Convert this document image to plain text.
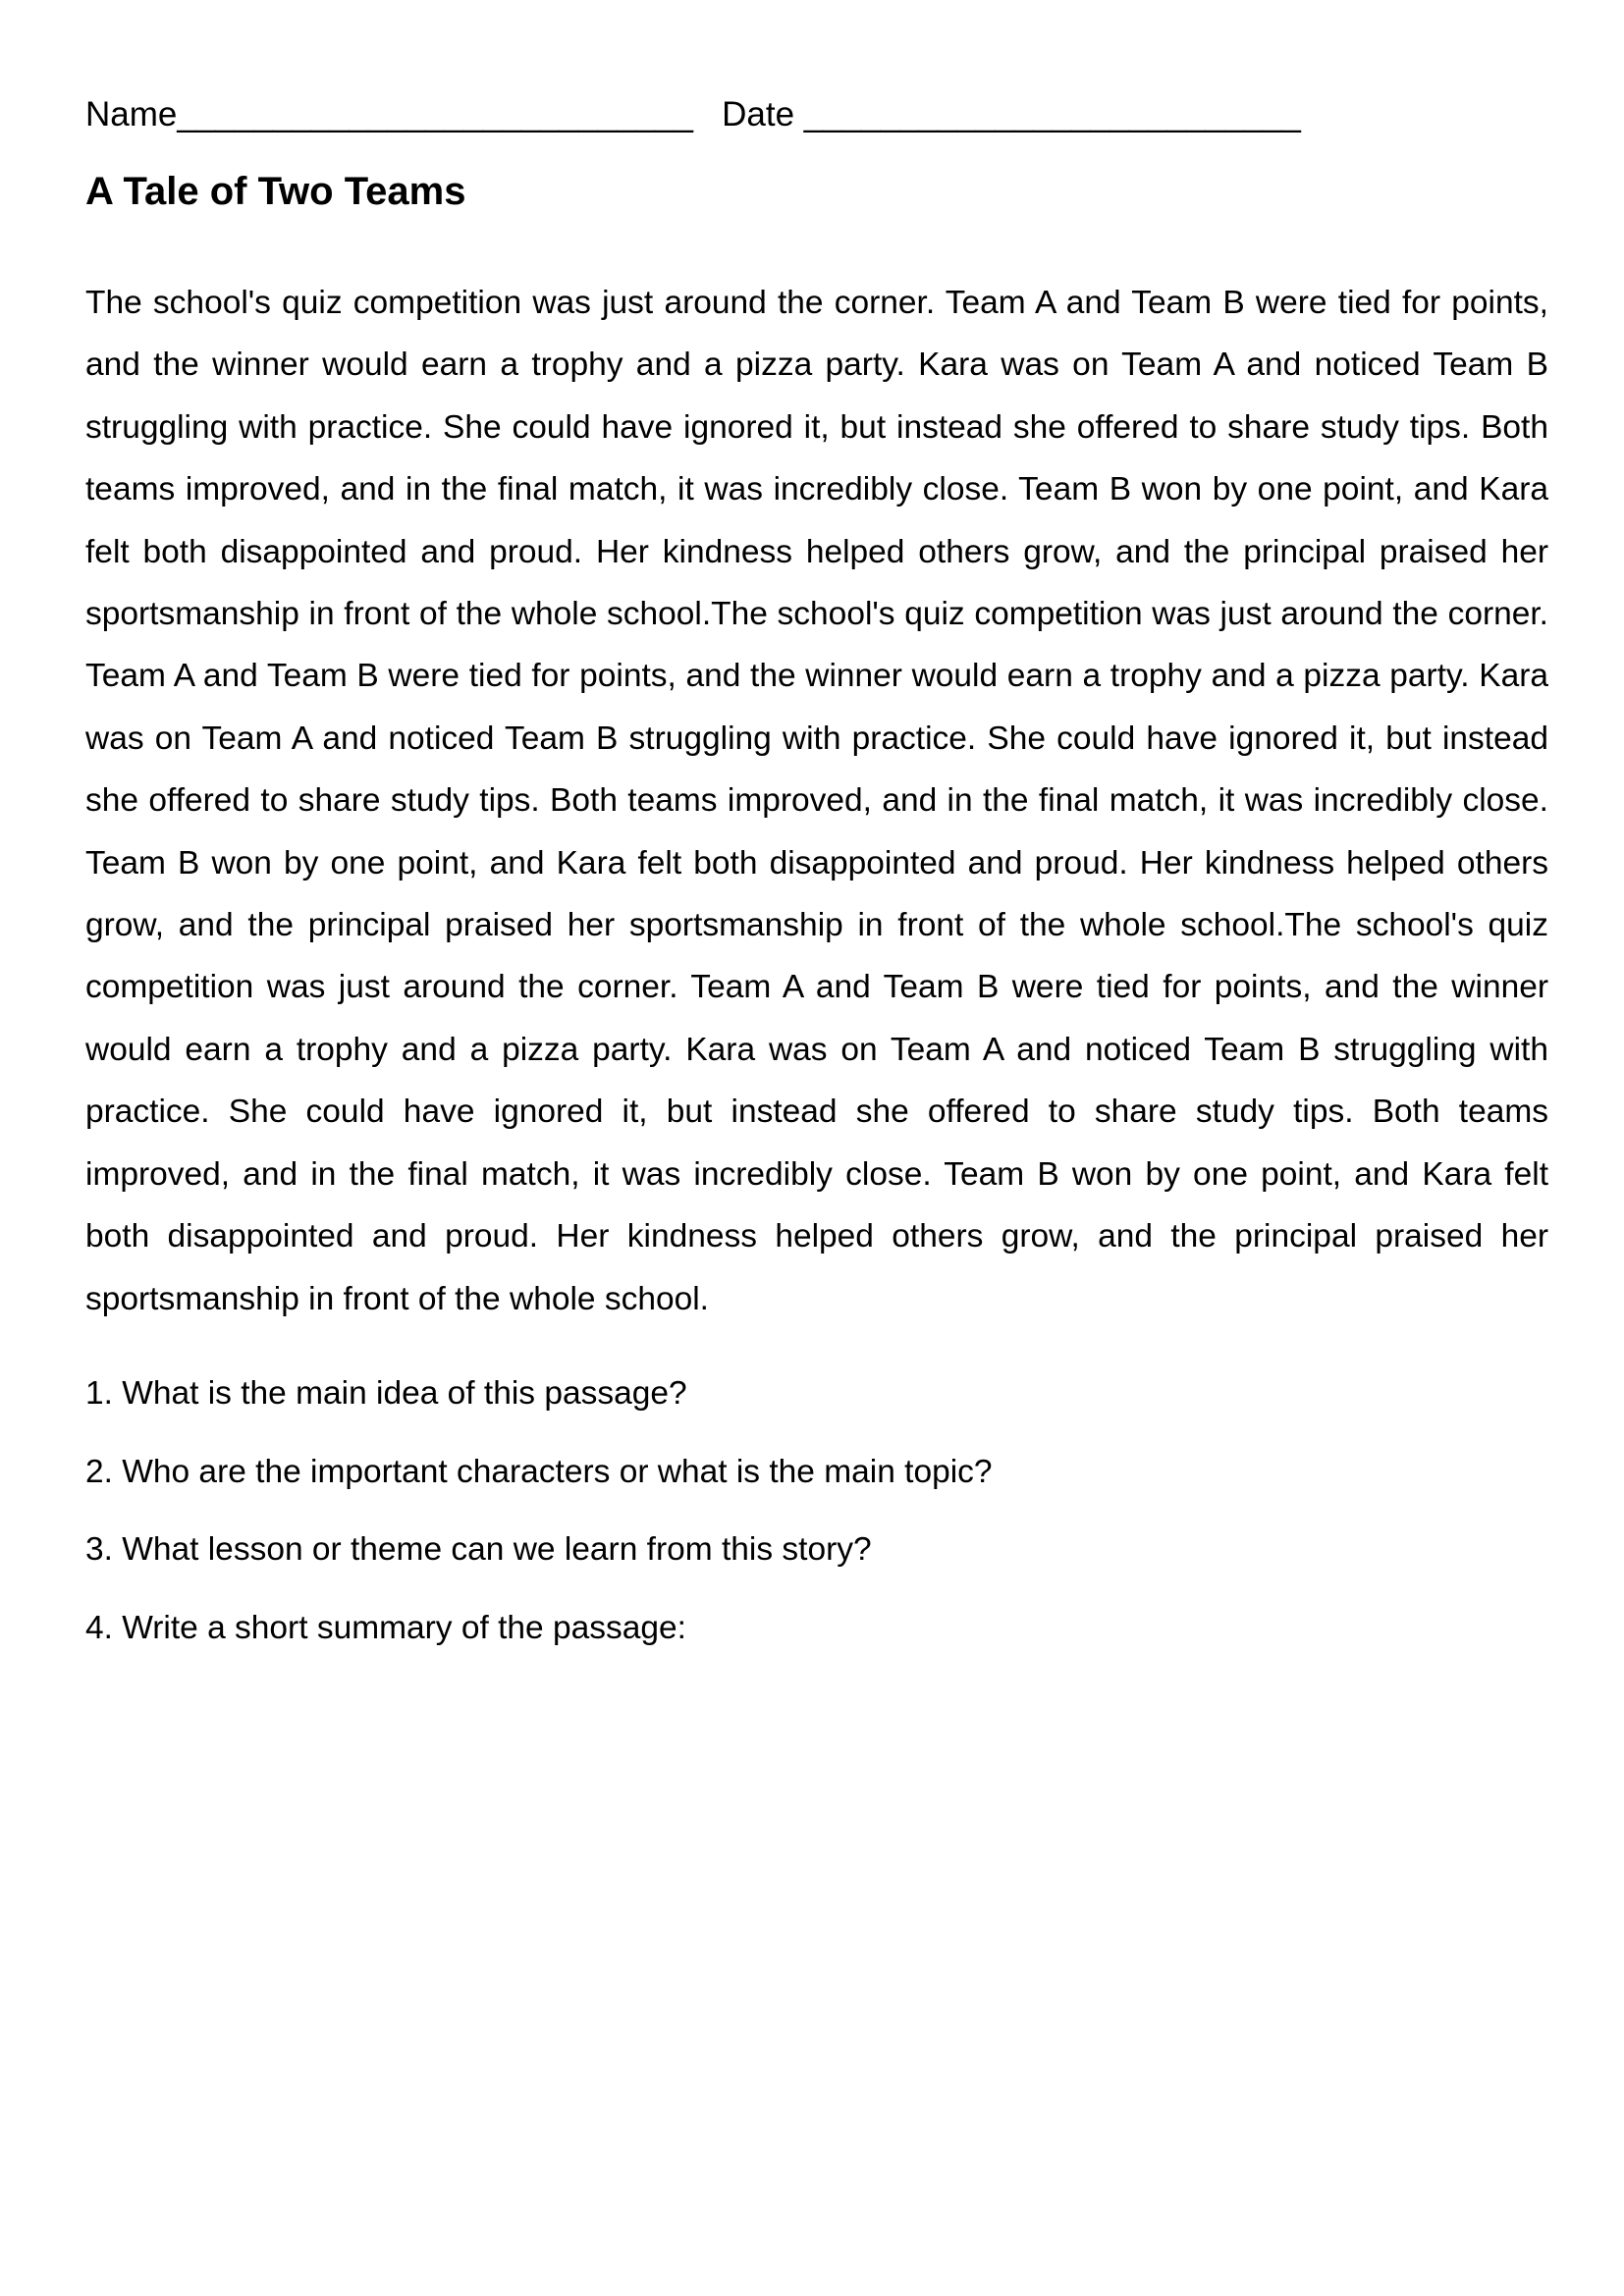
Name___________________________ Date __________________________
A Tale of Two Teams

The school's quiz competition was just around the corner. Team A and Team B were tied for points, and the winner would earn a trophy and a pizza party. Kara was on Team A and noticed Team B struggling with practice. She could have ignored it, but instead she offered to share study tips. Both teams improved, and in the final match, it was incredibly close. Team B won by one point, and Kara felt both disappointed and proud. Her kindness helped others grow, and the principal praised her sportsmanship in front of the whole school.The school's quiz competition was just around the corner. Team A and Team B were tied for points, and the winner would earn a trophy and a pizza party. Kara was on Team A and noticed Team B struggling with practice. She could have ignored it, but instead she offered to share study tips. Both teams improved, and in the final match, it was incredibly close. Team B won by one point, and Kara felt both disappointed and proud. Her kindness helped others grow, and the principal praised her sportsmanship in front of the whole school.The school's quiz competition was just around the corner. Team A and Team B were tied for points, and the winner would earn a trophy and a pizza party. Kara was on Team A and noticed Team B struggling with practice. She could have ignored it, but instead she offered to share study tips. Both teams improved, and in the final match, it was incredibly close. Team B won by one point, and Kara felt both disappointed and proud. Her kindness helped others grow, and the principal praised her sportsmanship in front of the whole school.

1. What is the main idea of this passage?
2. Who are the important characters or what is the main topic?
3. What lesson or theme can we learn from this story?
4. Write a short summary of the passage:
